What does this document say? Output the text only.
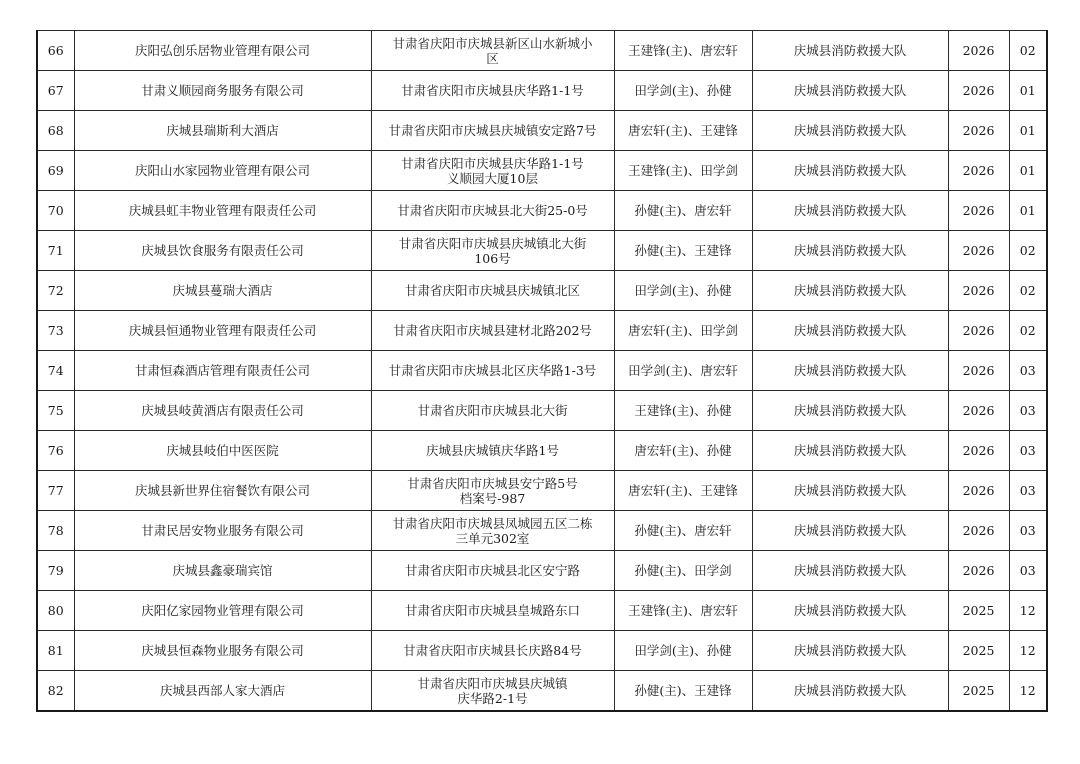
66	庆阳弘创乐居物业管理有限公司	甘肃省庆阳市庆城县新区山水新城小
区	王建锋(主)、唐宏轩	庆城县消防救援大队	2026	02
67	甘肃义顺园商务服务有限公司	甘肃省庆阳市庆城县庆华路1-1号	田学剑(主)、孙健	庆城县消防救援大队	2026	01
68	庆城县瑞斯利大酒店	甘肃省庆阳市庆城县庆城镇安定路7号	唐宏轩(主)、王建锋	庆城县消防救援大队	2026	01
69	庆阳山水家园物业管理有限公司	甘肃省庆阳市庆城县庆华路1-1号
义顺园大厦10层	王建锋(主)、田学剑	庆城县消防救援大队	2026	01
70	庆城县虹丰物业管理有限责任公司	甘肃省庆阳市庆城县北大街25-0号	孙健(主)、唐宏轩	庆城县消防救援大队	2026	01
71	庆城县饮食服务有限责任公司	甘肃省庆阳市庆城县庆城镇北大街
106号	孙健(主)、王建锋	庆城县消防救援大队	2026	02
72	庆城县蔓瑞大酒店	甘肃省庆阳市庆城县庆城镇北区	田学剑(主)、孙健	庆城县消防救援大队	2026	02
73	庆城县恒通物业管理有限责任公司	甘肃省庆阳市庆城县建材北路202号	唐宏轩(主)、田学剑	庆城县消防救援大队	2026	02
74	甘肃恒森酒店管理有限责任公司	甘肃省庆阳市庆城县北区庆华路1-3号	田学剑(主)、唐宏轩	庆城县消防救援大队	2026	03
75	庆城县岐黄酒店有限责任公司	甘肃省庆阳市庆城县北大街	王建锋(主)、孙健	庆城县消防救援大队	2026	03
76	庆城县岐伯中医医院	庆城县庆城镇庆华路1号	唐宏轩(主)、孙健	庆城县消防救援大队	2026	03
77	庆城县新世界住宿餐饮有限公司	甘肃省庆阳市庆城县安宁路5号
档案号-987	唐宏轩(主)、王建锋	庆城县消防救援大队	2026	03
78	甘肃民居安物业服务有限公司	甘肃省庆阳市庆城县凤城园五区二栋
三单元302室	孙健(主)、唐宏轩	庆城县消防救援大队	2026	03
79	庆城县鑫豪瑞宾馆	甘肃省庆阳市庆城县北区安宁路	孙健(主)、田学剑	庆城县消防救援大队	2026	03
80	庆阳亿家园物业管理有限公司	甘肃省庆阳市庆城县皇城路东口	王建锋(主)、唐宏轩	庆城县消防救援大队	2025	12
81	庆城县恒森物业服务有限公司	甘肃省庆阳市庆城县长庆路84号	田学剑(主)、孙健	庆城县消防救援大队	2025	12
82	庆城县西部人家大酒店	甘肃省庆阳市庆城县庆城镇
庆华路2-1号	孙健(主)、王建锋	庆城县消防救援大队	2025	12
